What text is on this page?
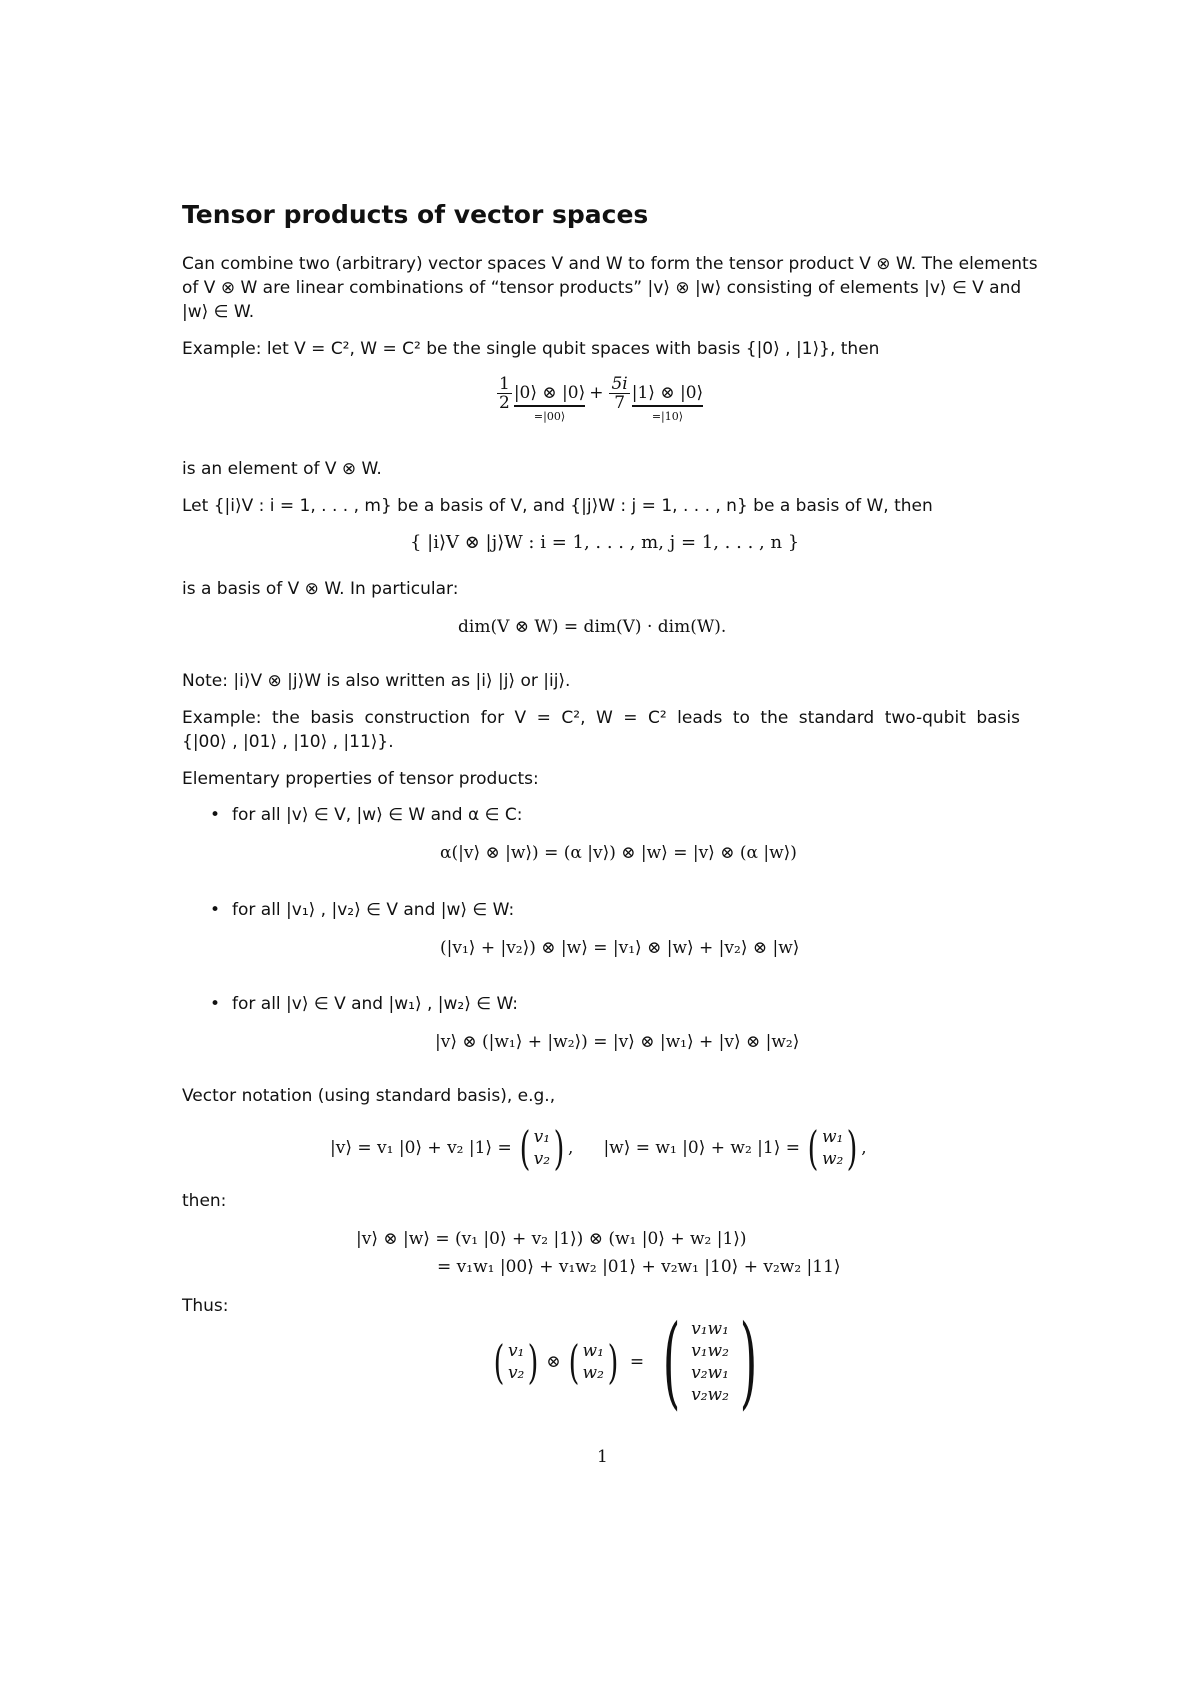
Tensor products of vector spaces
Can combine two (arbitrary) vector spaces V and W to form the tensor product V ⊗ W. The elements
of V ⊗ W are linear combinations of “tensor products” |v⟩ ⊗ |w⟩ consisting of elements |v⟩ ∈ V and
|w⟩ ∈ W.
Example: let V = C², W = C² be the single qubit spaces with basis {|0⟩ , |1⟩}, then
$\frac{1}{2}$ |0⟩ ⊗ |0⟩
=|00⟩
+ $\frac{5i}{7}$ |1⟩ ⊗ |0⟩
=|10⟩
is an element of V ⊗ W.
Let {|i⟩V : i = 1, . . . , m} be a basis of V, and {|j⟩W : j = 1, . . . , n} be a basis of W, then
{ |i⟩V ⊗ |j⟩W : i = 1, . . . , m, j = 1, . . . , n }
is a basis of V ⊗ W. In particular:
dim(V ⊗ W) = dim(V) · dim(W).
Note: |i⟩V ⊗ |j⟩W is also written as |i⟩ |j⟩ or |ij⟩.
Example: the basis construction for V = C², W = C² leads to the standard two-qubit basis
{|00⟩ , |01⟩ , |10⟩ , |11⟩}.
Elementary properties of tensor products:
• for all |v⟩ ∈ V, |w⟩ ∈ W and α ∈ C:
α(|v⟩ ⊗ |w⟩) = (α |v⟩) ⊗ |w⟩ = |v⟩ ⊗ (α |w⟩)
• for all |v₁⟩ , |v₂⟩ ∈ V and |w⟩ ∈ W:
(|v₁⟩ + |v₂⟩) ⊗ |w⟩ = |v₁⟩ ⊗ |w⟩ + |v₂⟩ ⊗ |w⟩
• for all |v⟩ ∈ V and |w₁⟩ , |w₂⟩ ∈ W:
|v⟩ ⊗ (|w₁⟩ + |w₂⟩) = |v⟩ ⊗ |w₁⟩ + |v⟩ ⊗ |w₂⟩
Vector notation (using standard basis), e.g.,
|v⟩ = v₁ |0⟩ + v₂ |1⟩ = ( v₁
v₂ ) , |w⟩ = w₁ |0⟩ + w₂ |1⟩ = ( w₁
w₂ ) ,
then:
|v⟩ ⊗ |w⟩ = (v₁ |0⟩ + v₂ |1⟩) ⊗ (w₁ |0⟩ + w₂ |1⟩)
= v₁w₁ |00⟩ + v₁w₂ |01⟩ + v₂w₁ |10⟩ + v₂w₂ |11⟩
Thus:
( v₁
v₂ ) ⊗ ( w₁
w₂ ) = ( v₁w₁
v₁w₂
v₂w₁
v₂w₂ )
1
